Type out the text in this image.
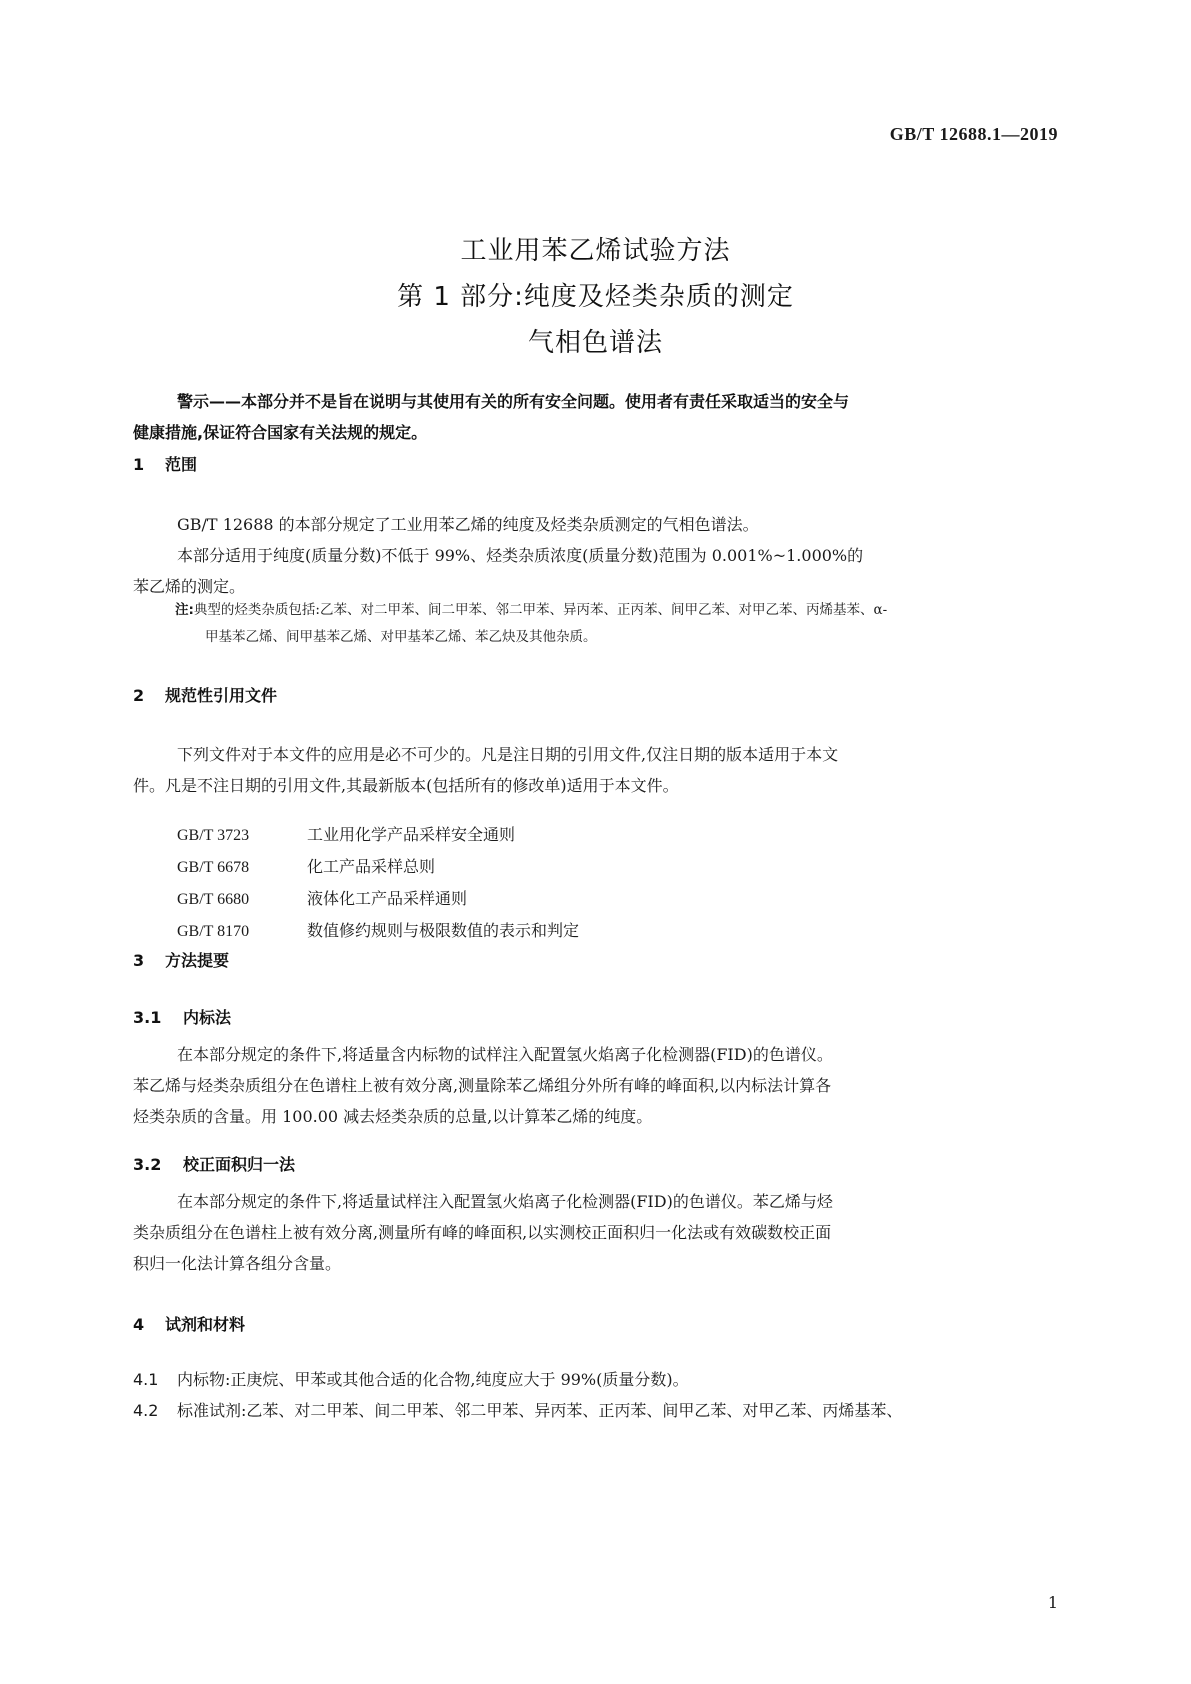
GB/T 12688.1—2019
工业用苯乙烯试验方法
第 1 部分:纯度及烃类杂质的测定
气相色谱法
警示——本部分并不是旨在说明与其使用有关的所有安全问题。使用者有责任采取适当的安全与
健康措施,保证符合国家有关法规的规定。
1 范围
GB/T 12688 的本部分规定了工业用苯乙烯的纯度及烃类杂质测定的气相色谱法。
本部分适用于纯度(质量分数)不低于 99%、烃类杂质浓度(质量分数)范围为 0.001%~1.000%的
苯乙烯的测定。
注:典型的烃类杂质包括:乙苯、对二甲苯、间二甲苯、邻二甲苯、异丙苯、正丙苯、间甲乙苯、对甲乙苯、丙烯基苯、α-
甲基苯乙烯、间甲基苯乙烯、对甲基苯乙烯、苯乙炔及其他杂质。
2 规范性引用文件
下列文件对于本文件的应用是必不可少的。凡是注日期的引用文件,仅注日期的版本适用于本文
件。凡是不注日期的引用文件,其最新版本(包括所有的修改单)适用于本文件。
GB/T 3723	工业用化学产品采样安全通则
GB/T 6678	化工产品采样总则
GB/T 6680	液体化工产品采样通则
GB/T 8170	数值修约规则与极限数值的表示和判定
3 方法提要
3.1 内标法
在本部分规定的条件下,将适量含内标物的试样注入配置氢火焰离子化检测器(FID)的色谱仪。
苯乙烯与烃类杂质组分在色谱柱上被有效分离,测量除苯乙烯组分外所有峰的峰面积,以内标法计算各
烃类杂质的含量。用 100.00 减去烃类杂质的总量,以计算苯乙烯的纯度。
3.2 校正面积归一法
在本部分规定的条件下,将适量试样注入配置氢火焰离子化检测器(FID)的色谱仪。苯乙烯与烃
类杂质组分在色谱柱上被有效分离,测量所有峰的峰面积,以实测校正面积归一化法或有效碳数校正面
积归一化法计算各组分含量。
4 试剂和材料
4.1 内标物:正庚烷、甲苯或其他合适的化合物,纯度应大于 99%(质量分数)。
4.2 标准试剂:乙苯、对二甲苯、间二甲苯、邻二甲苯、异丙苯、正丙苯、间甲乙苯、对甲乙苯、丙烯基苯、
1
